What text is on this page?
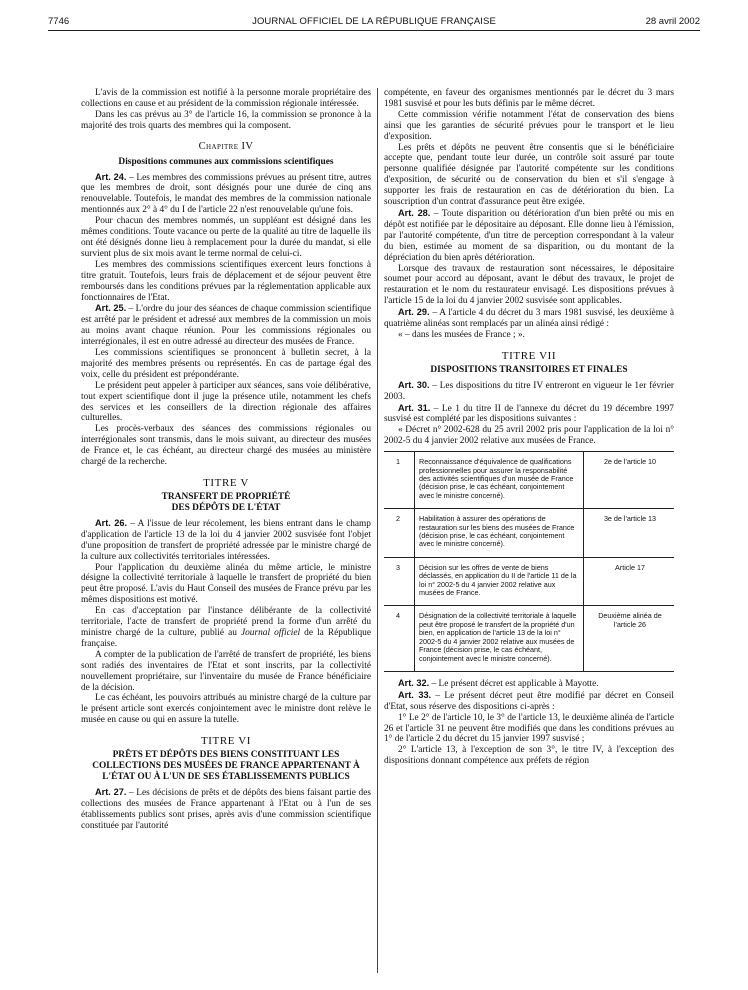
7746	JOURNAL OFFICIEL DE LA RÉPUBLIQUE FRANÇAISE	28 avril 2002

L'avis de la commission est notifié à la personne morale propriétaire des collections en cause et au président de la commission régionale intéressée.

Dans les cas prévus au 3° de l'article 16, la commission se prononce à la majorité des trois quarts des membres qui la composent.

Chapitre IV
Dispositions communes aux commissions scientifiques

Art. 24. – Les membres des commissions prévues au présent titre, autres que les membres de droit, sont désignés pour une durée de cinq ans renouvelable. Toutefois, le mandat des membres de la commission nationale mentionnés aux 2° à 4° du I de l'article 22 n'est renouvelable qu'une fois.

Pour chacun des membres nommés, un suppléant est désigné dans les mêmes conditions. Toute vacance ou perte de la qualité au titre de laquelle ils ont été désignés donne lieu à remplacement pour la durée du mandat, si elle survient plus de six mois avant le terme normal de celui-ci.

Les membres des commissions scientifiques exercent leurs fonctions à titre gratuit. Toutefois, leurs frais de déplacement et de séjour peuvent être remboursés dans les conditions prévues par la réglementation applicable aux fonctionnaires de l'Etat.

Art. 25. – L'ordre du jour des séances de chaque commission scientifique est arrêté par le président et adressé aux membres de la commission un mois au moins avant chaque réunion. Pour les commissions régionales ou interrégionales, il est en outre adressé au directeur des musées de France.

Les commissions scientifiques se prononcent à bulletin secret, à la majorité des membres présents ou représentés. En cas de partage égal des voix, celle du président est prépondérante.

Le président peut appeler à participer aux séances, sans voie délibérative, tout expert scientifique dont il juge la présence utile, notamment les chefs des services et les conseillers de la direction régionale des affaires culturelles.

Les procès-verbaux des séances des commissions régionales ou interrégionales sont transmis, dans le mois suivant, au directeur des musées de France et, le cas échéant, au directeur chargé des musées au ministère chargé de la recherche.

TITRE V
TRANSFERT DE PROPRIÉTÉ
DES DÉPÔTS DE L'ÉTAT

Art. 26. – A l'issue de leur récolement, les biens entrant dans le champ d'application de l'article 13 de la loi du 4 janvier 2002 susvisée font l'objet d'une proposition de transfert de propriété adressée par le ministre chargé de la culture aux collectivités territoriales intéressées.

Pour l'application du deuxième alinéa du même article, le ministre désigne la collectivité territoriale à laquelle le transfert de propriété du bien peut être proposé. L'avis du Haut Conseil des musées de France prévu par les mêmes dispositions est motivé.

En cas d'acceptation par l'instance délibérante de la collectivité territoriale, l'acte de transfert de propriété prend la forme d'un arrêté du ministre chargé de la culture, publié au Journal officiel de la République française.

A compter de la publication de l'arrêté de transfert de propriété, les biens sont radiés des inventaires de l'Etat et sont inscrits, par la collectivité nouvellement propriétaire, sur l'inventaire du musée de France bénéficiaire de la décision.

Le cas échéant, les pouvoirs attribués au ministre chargé de la culture par le présent article sont exercés conjointement avec le ministre dont relève le musée en cause ou qui en assure la tutelle.

TITRE VI
PRÊTS ET DÉPÔTS DES BIENS CONSTITUANT LES COLLECTIONS DES MUSÉES DE FRANCE APPARTENANT À L'ÉTAT OU À L'UN DE SES ÉTABLISSEMENTS PUBLICS

Art. 27. – Les décisions de prêts et de dépôts des biens faisant partie des collections des musées de France appartenant à l'Etat ou à l'un de ses établissements publics sont prises, après avis d'une commission scientifique constituée par l'autorité

compétente, en faveur des organismes mentionnés par le décret du 3 mars 1981 susvisé et pour les buts définis par le même décret.

Cette commission vérifie notamment l'état de conservation des biens ainsi que les garanties de sécurité prévues pour le transport et le lieu d'exposition.

Les prêts et dépôts ne peuvent être consentis que si le bénéficiaire accepte que, pendant toute leur durée, un contrôle soit assuré par toute personne qualifiée désignée par l'autorité compétente sur les conditions d'exposition, de sécurité ou de conservation du bien et s'il s'engage à supporter les frais de restauration en cas de détérioration du bien. La souscription d'un contrat d'assurance peut être exigée.

Art. 28. – Toute disparition ou détérioration d'un bien prêté ou mis en dépôt est notifiée par le dépositaire au déposant. Elle donne lieu à l'émission, par l'autorité compétente, d'un titre de perception correspondant à la valeur du bien, estimée au moment de sa disparition, ou du montant de la dépréciation du bien après détérioration.

Lorsque des travaux de restauration sont nécessaires, le dépositaire soumet pour accord au déposant, avant le début des travaux, le projet de restauration et le nom du restaurateur envisagé. Les dispositions prévues à l'article 15 de la loi du 4 janvier 2002 susvisée sont applicables.

Art. 29. – A l'article 4 du décret du 3 mars 1981 susvisé, les deuxième à quatrième alinéas sont remplacés par un alinéa ainsi rédigé :

« – dans les musées de France ; ».

TITRE VII
DISPOSITIONS TRANSITOIRES ET FINALES

Art. 30. – Les dispositions du titre IV entreront en vigueur le 1er février 2003.

Art. 31. – Le 1 du titre II de l'annexe du décret du 19 décembre 1997 susvisé est complété par les dispositions suivantes :

« Décret n° 2002-628 du 25 avril 2002 pris pour l'application de la loi n° 2002-5 du 4 janvier 2002 relative aux musées de France.

1	Reconnaissance d'équivalence de qualifications professionnelles pour assurer la responsabilité des activités scientifiques d'un musée de France (décision prise, le cas échéant, conjointement avec le ministre concerné).	2e de l'article 10
2	Habilitation à assurer des opérations de restauration sur les biens des musées de France (décision prise, le cas échéant, conjointement avec le ministre concerné).	3e de l'article 13
3	Décision sur les offres de vente de biens déclassés, en application du II de l'article 11 de la loi n° 2002-5 du 4 janvier 2002 relative aux musées de France.	Article 17
4	Désignation de la collectivité territoriale à laquelle peut être proposé le transfert de la propriété d'un bien, en application de l'article 13 de la loi n° 2002-5 du 4 janvier 2002 relative aux musées de France (décision prise, le cas échéant, conjointement avec le ministre concerné).	Deuxième alinéa de l'article 26

Art. 32. – Le présent décret est applicable à Mayotte.

Art. 33. – Le présent décret peut être modifié par décret en Conseil d'Etat, sous réserve des dispositions ci-après :

1° Le 2° de l'article 10, le 3° de l'article 13, le deuxième alinéa de l'article 26 et l'article 31 ne peuvent être modifiés que dans les conditions prévues au 1° de l'article 2 du décret du 15 janvier 1997 susvisé ;

2° L'article 13, à l'exception de son 3°, le titre IV, à l'exception des dispositions donnant compétence aux préfets de région
